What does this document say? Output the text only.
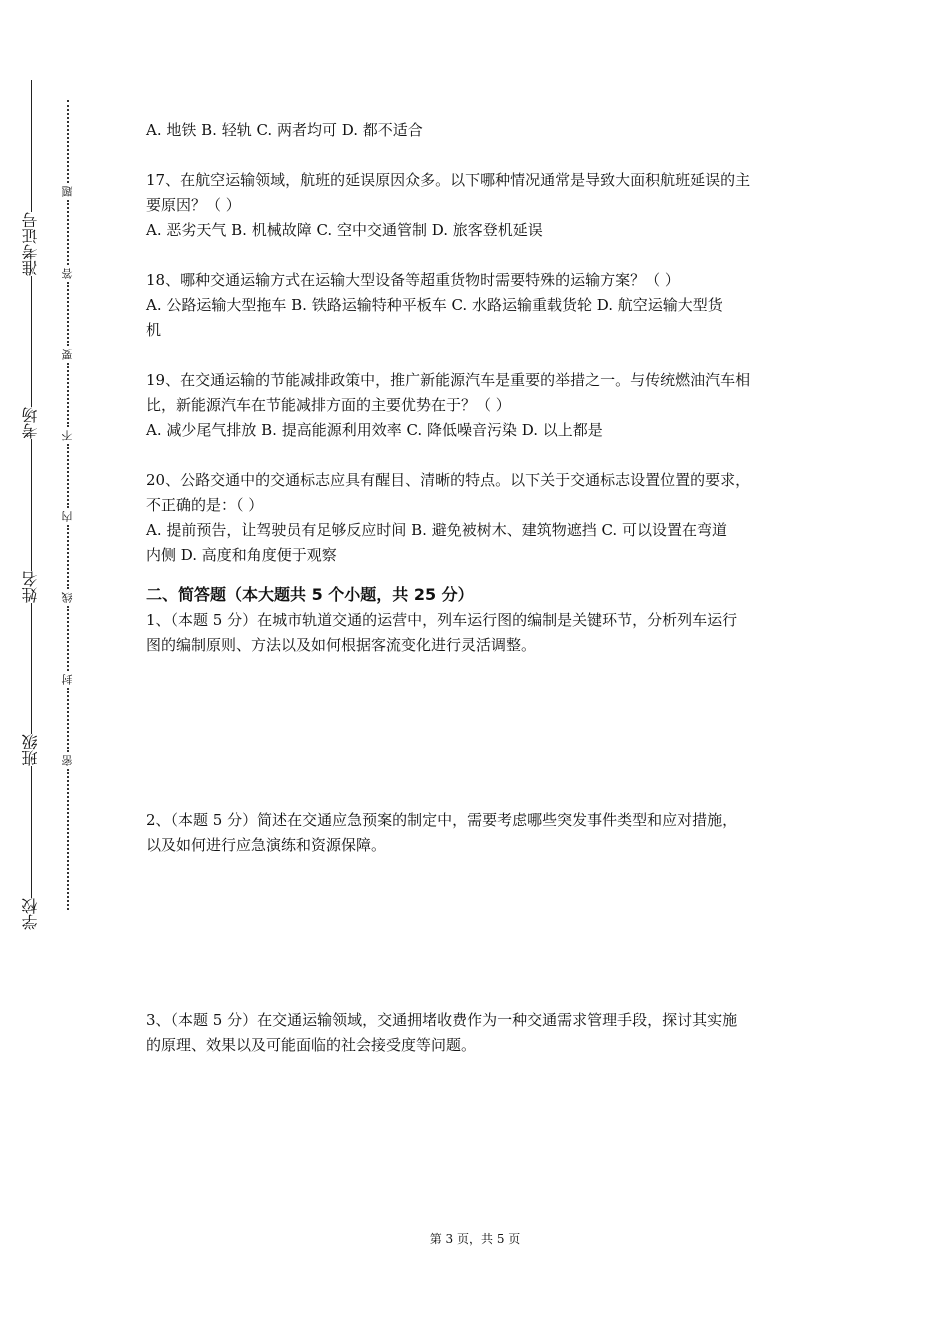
准考证号
考场
姓名
班级
学校
题
答
要
不
内
线
封
密

A. 地铁 B. 轻轨 C. 两者均可 D. 都不适合

17、在航空运输领域，航班的延误原因众多。以下哪种情况通常是导致大面积航班延误的主

要原因？（ ）

A. 恶劣天气 B. 机械故障 C. 空中交通管制 D. 旅客登机延误

18、哪种交通运输方式在运输大型设备等超重货物时需要特殊的运输方案？（ ）

A. 公路运输大型拖车 B. 铁路运输特种平板车 C. 水路运输重载货轮 D. 航空运输大型货

机

19、在交通运输的节能减排政策中，推广新能源汽车是重要的举措之一。与传统燃油汽车相

比，新能源汽车在节能减排方面的主要优势在于？（ ）

A. 减少尾气排放 B. 提高能源利用效率 C. 降低噪音污染 D. 以上都是

20、公路交通中的交通标志应具有醒目、清晰的特点。以下关于交通标志设置位置的要求，

不正确的是：（ ）

A. 提前预告，让驾驶员有足够反应时间 B. 避免被树木、建筑物遮挡 C. 可以设置在弯道

内侧 D. 高度和角度便于观察

二、简答题（本大题共 5 个小题，共 25 分）

1、（本题 5 分）在城市轨道交通的运营中，列车运行图的编制是关键环节，分析列车运行

图的编制原则、方法以及如何根据客流变化进行灵活调整。

2、（本题 5 分）简述在交通应急预案的制定中，需要考虑哪些突发事件类型和应对措施，

以及如何进行应急演练和资源保障。

3、（本题 5 分）在交通运输领域，交通拥堵收费作为一种交通需求管理手段，探讨其实施

的原理、效果以及可能面临的社会接受度等问题。

第 3 页，共 5 页
